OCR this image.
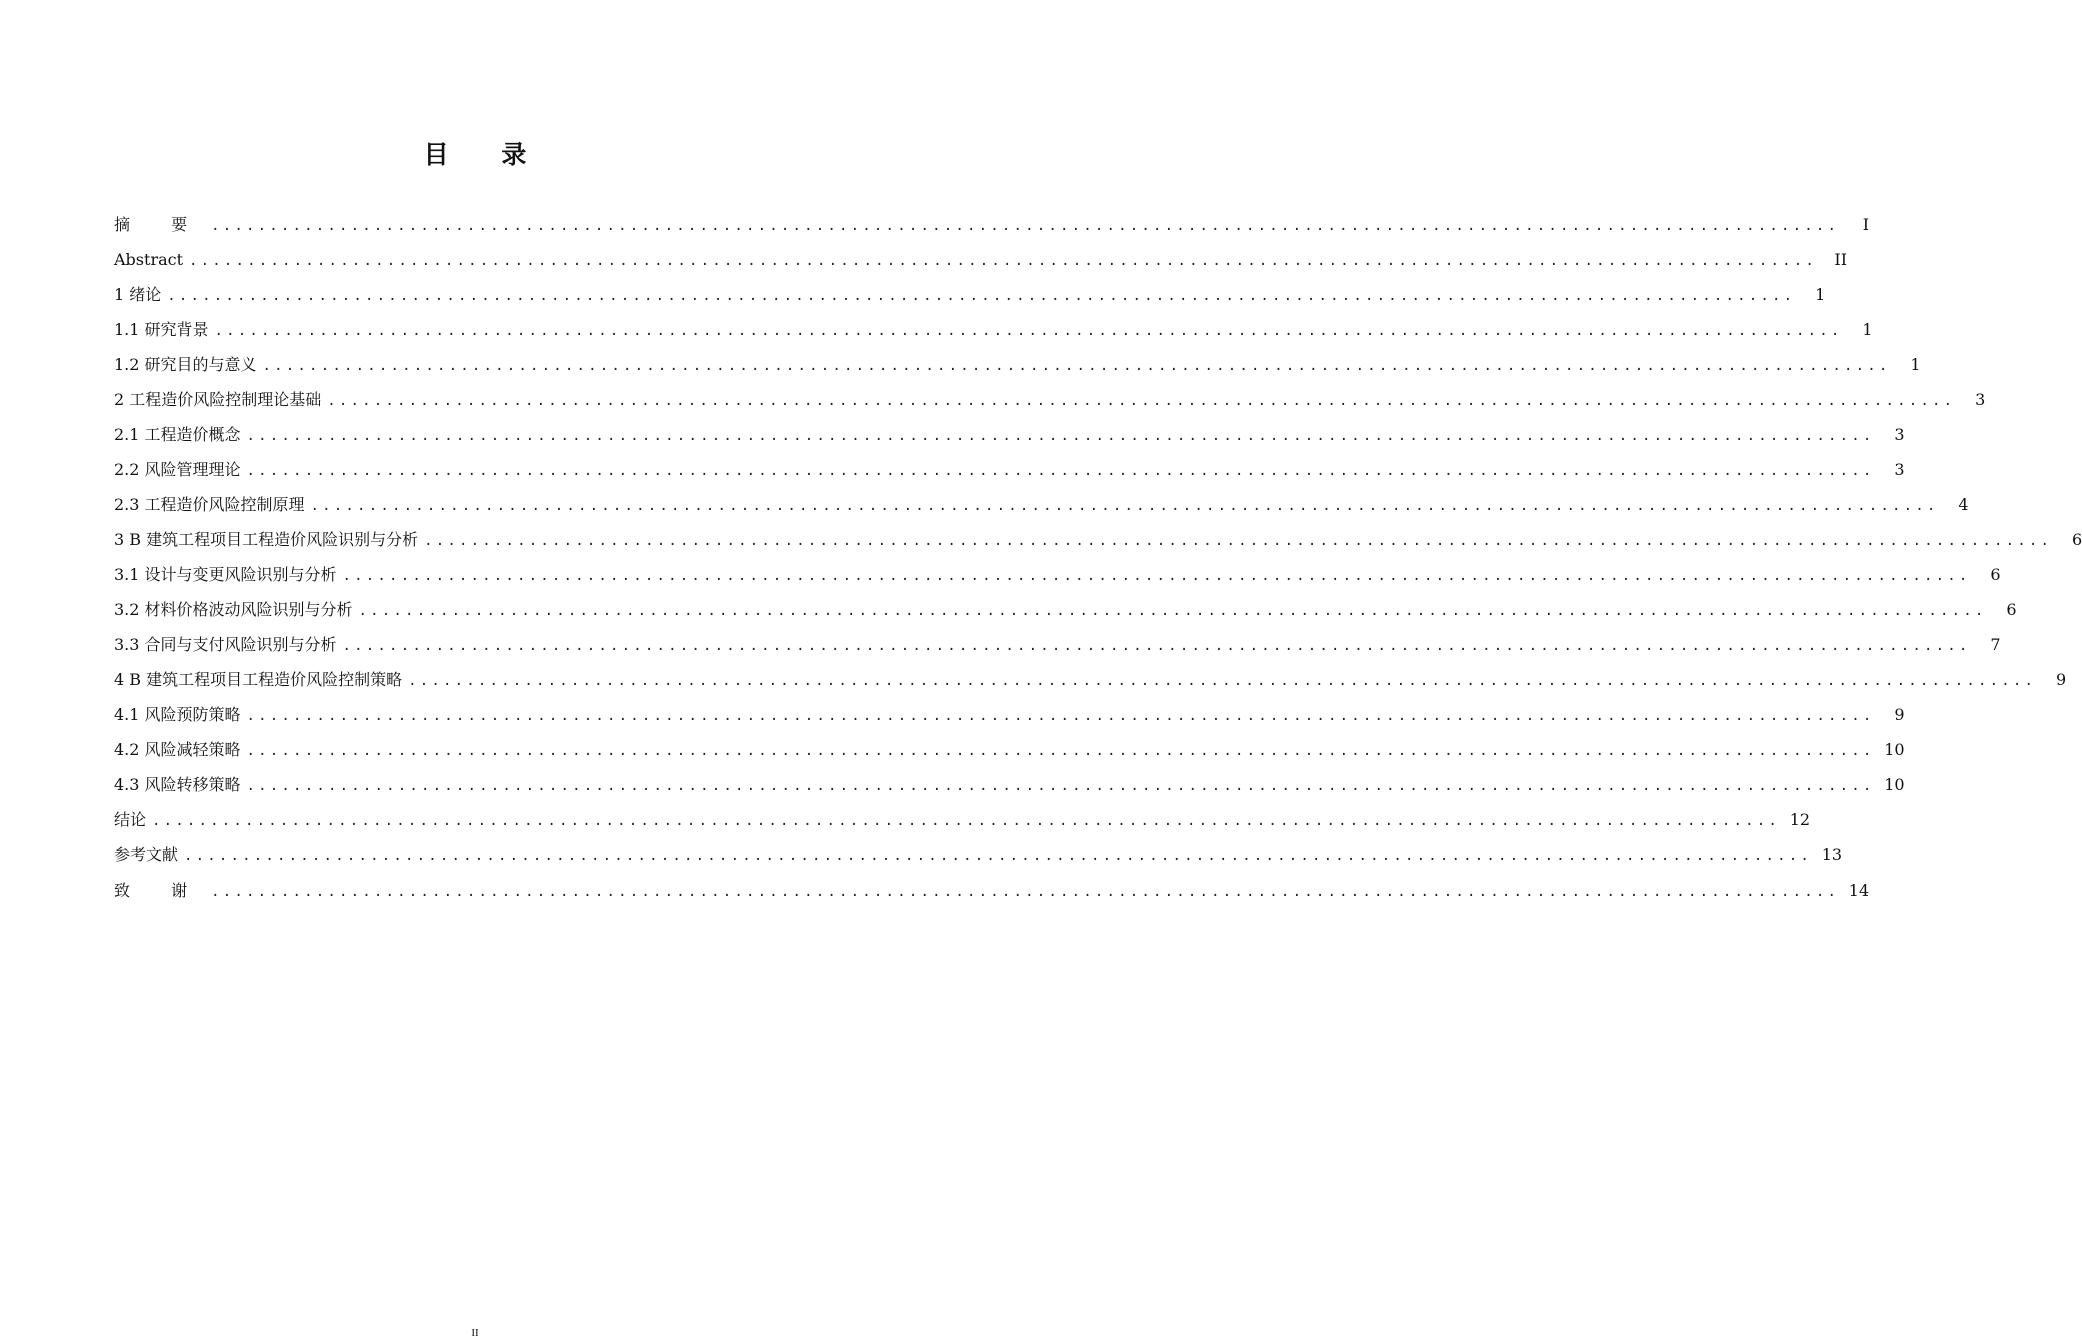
目 录
摘 要 ............................................................................................................................................	I
Abstract ............................................................................................................................................	II
1 绪论 ............................................................................................................................................	1
1.1 研究背景 ............................................................................................................................................	1
1.2 研究目的与意义 ............................................................................................................................................	1
2 工程造价风险控制理论基础 ............................................................................................................................................	3
2.1 工程造价概念 ............................................................................................................................................	3
2.2 风险管理理论 ............................................................................................................................................	3
2.3 工程造价风险控制原理 ............................................................................................................................................	4
3 B 建筑工程项目工程造价风险识别与分析 ............................................................................................................................................	6
3.1 设计与变更风险识别与分析 ............................................................................................................................................	6
3.2 材料价格波动风险识别与分析 ............................................................................................................................................	6
3.3 合同与支付风险识别与分析 ............................................................................................................................................	7
4 B 建筑工程项目工程造价风险控制策略 ............................................................................................................................................	9
4.1 风险预防策略 ............................................................................................................................................	9
4.2 风险减轻策略 ............................................................................................................................................ 10
4.3 风险转移策略 ............................................................................................................................................ 10
结论 ............................................................................................................................................ 12
参考文献 ............................................................................................................................................ 13
致 谢 ............................................................................................................................................ 14
II
